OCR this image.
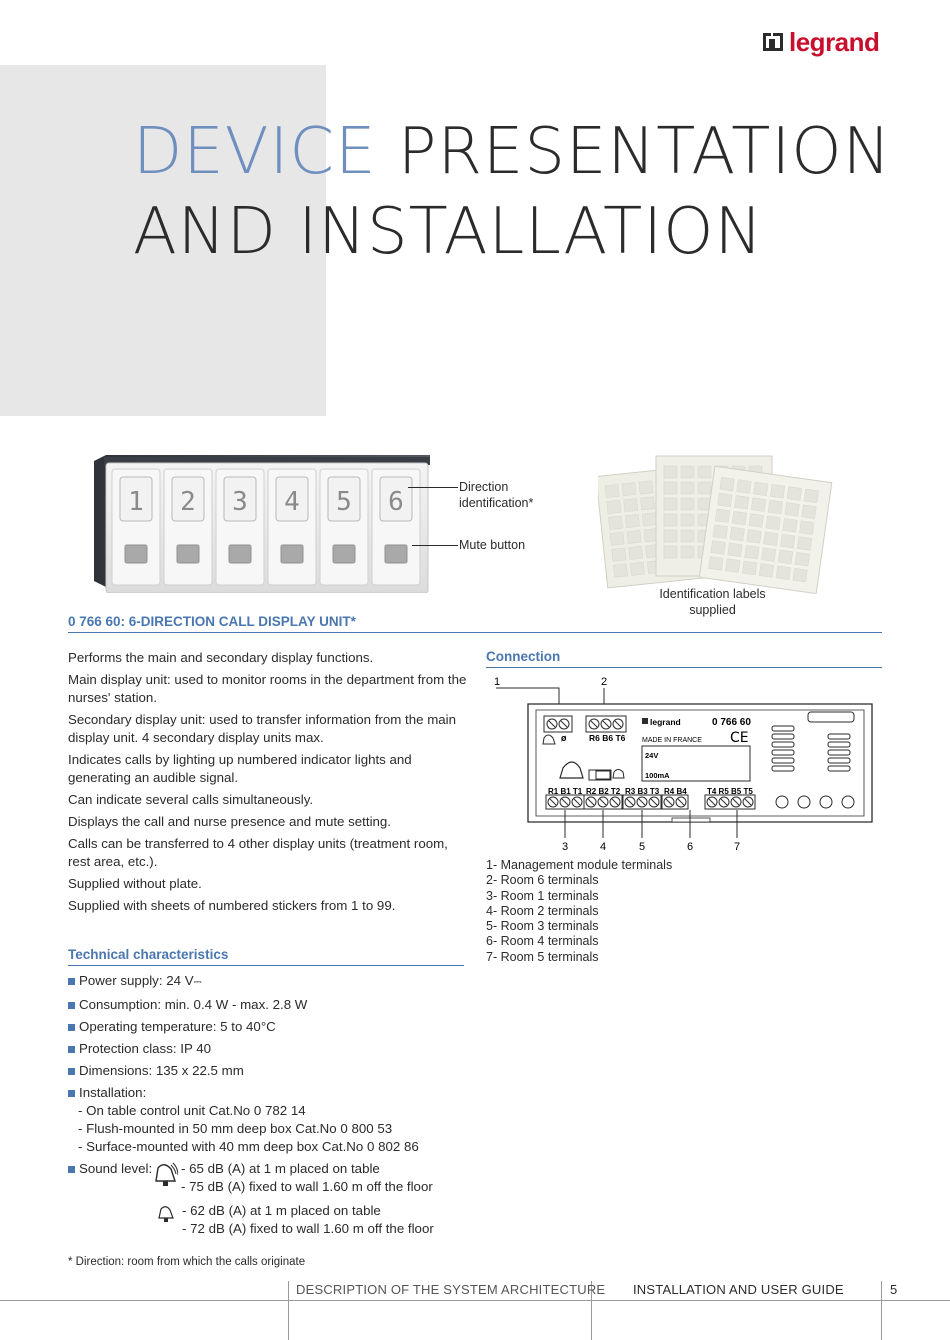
legrand
DEVICE PRESENTATION
AND INSTALLATION
1 2 3 4 5 6	Direction
identification*
Mute button
Identification labels
supplied
0 766 60: 6-DIRECTION CALL DISPLAY UNIT*

Performs the main and secondary display functions.

Main display unit: used to monitor rooms in the department from the nurses' station.

Secondary display unit: used to transfer information from the main display unit. 4 secondary display units max.

Indicates calls by lighting up numbered indicator lights and generating an audible signal.

Can indicate several calls simultaneously.

Displays the call and nurse presence and mute setting.

Calls can be transferred to 4 other display units (treatment room, rest area, etc.).

Supplied without plate.

Supplied with sheets of numbered stickers from 1 to 99.

Technical characteristics
Power supply: 24 V⎓
Consumption: min. 0.4 W - max. 2.8 W
Operating temperature: 5 to 40°C
Protection class: IP 40
Dimensions: 135 x 22.5 mm
Installation:
- On table control unit Cat.No 0 782 14
- Flush-mounted in 50 mm deep box Cat.No 0 800 53
- Surface-mounted with 40 mm deep box Cat.No 0 802 86
Sound level: - 65 dB (A) at 1 m placed on table
- 75 dB (A) fixed to wall 1.60 m off the floor
- 62 dB (A) at 1 m placed on table
- 72 dB (A) fixed to wall 1.60 m off the floor
Connection
1	2
ø	R6 B6 T6
legrand	0 766 60
MADE IN FRANCE CE
24V
100mA
R1 B1 T1 R2 B2 T2 R3 B3 T3 R4 B4	T4 R5 B5 T5
3	4	5	6	7
1- Management module terminals
2- Room 6 terminals
3- Room 1 terminals
4- Room 2 terminals
5- Room 3 terminals
6- Room 4 terminals
7- Room 5 terminals
* Direction: room from which the calls originate
DESCRIPTION OF THE SYSTEM ARCHITECTURE INSTALLATION AND USER GUIDE	5
